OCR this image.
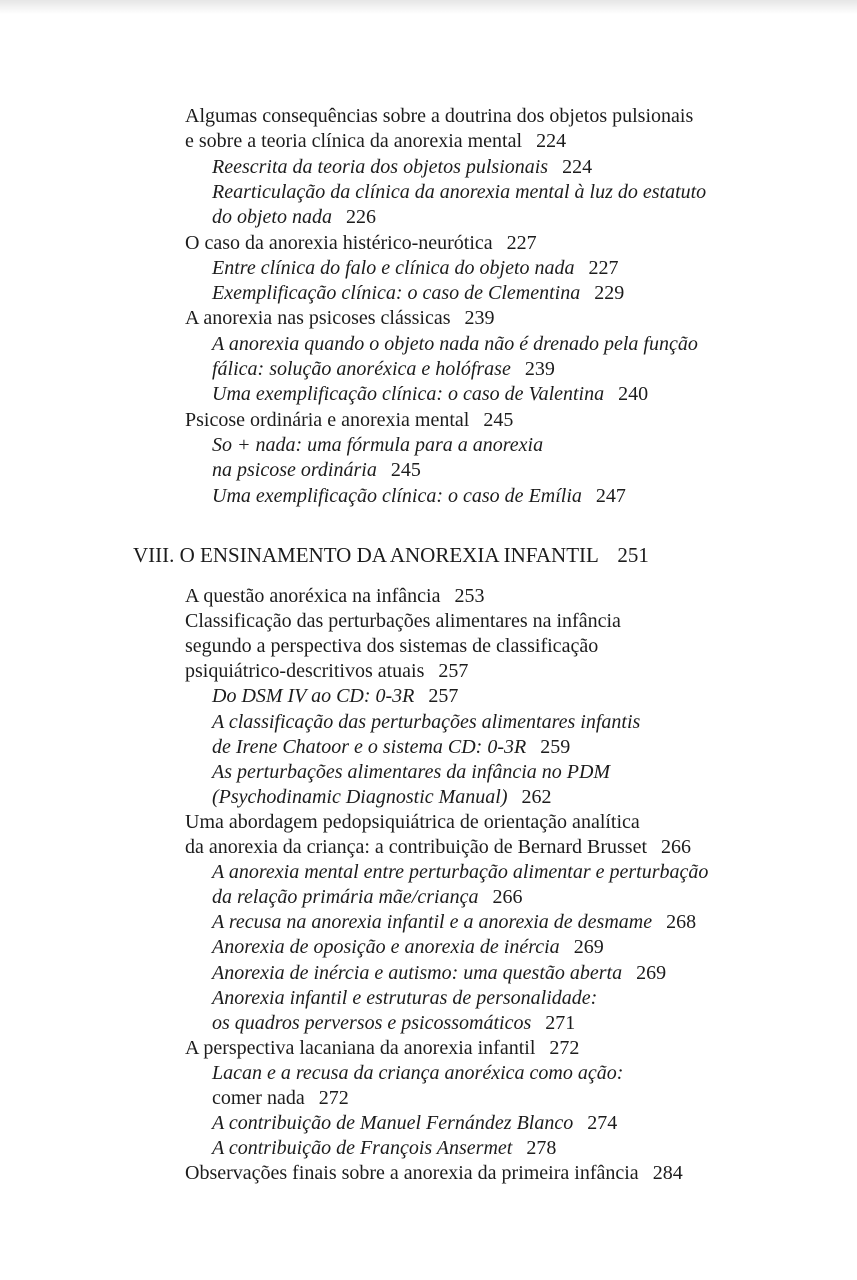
Algumas consequências sobre a doutrina dos objetos pulsionais
e sobre a teoria clínica da anorexia mental 224
Reescrita da teoria dos objetos pulsionais 224
Rearticulação da clínica da anorexia mental à luz do estatuto
do objeto nada 226
O caso da anorexia histérico-neurótica 227
Entre clínica do falo e clínica do objeto nada 227
Exemplificação clínica: o caso de Clementina 229
A anorexia nas psicoses clássicas 239
A anorexia quando o objeto nada não é drenado pela função
fálica: solução anoréxica e holófrase 239
Uma exemplificação clínica: o caso de Valentina 240
Psicose ordinária e anorexia mental 245
So + nada: uma fórmula para a anorexia
na psicose ordinária 245
Uma exemplificação clínica: o caso de Emília 247
VIII. O ENSINAMENTO DA ANOREXIA INFANTIL 251
A questão anoréxica na infância 253
Classificação das perturbações alimentares na infância
segundo a perspectiva dos sistemas de classificação
psiquiátrico-descritivos atuais 257
Do DSM IV ao CD: 0-3R 257
A classificação das perturbações alimentares infantis
de Irene Chatoor e o sistema CD: 0-3R 259
As perturbações alimentares da infância no PDM
(Psychodinamic Diagnostic Manual) 262
Uma abordagem pedopsiquiátrica de orientação analítica
da anorexia da criança: a contribuição de Bernard Brusset 266
A anorexia mental entre perturbação alimentar e perturbação
da relação primária mãe/criança 266
A recusa na anorexia infantil e a anorexia de desmame 268
Anorexia de oposição e anorexia de inércia 269
Anorexia de inércia e autismo: uma questão aberta 269
Anorexia infantil e estruturas de personalidade:
os quadros perversos e psicossomáticos 271
A perspectiva lacaniana da anorexia infantil 272
Lacan e a recusa da criança anoréxica como ação:
comer nada 272
A contribuição de Manuel Fernández Blanco 274
A contribuição de François Ansermet 278
Observações finais sobre a anorexia da primeira infância 284
